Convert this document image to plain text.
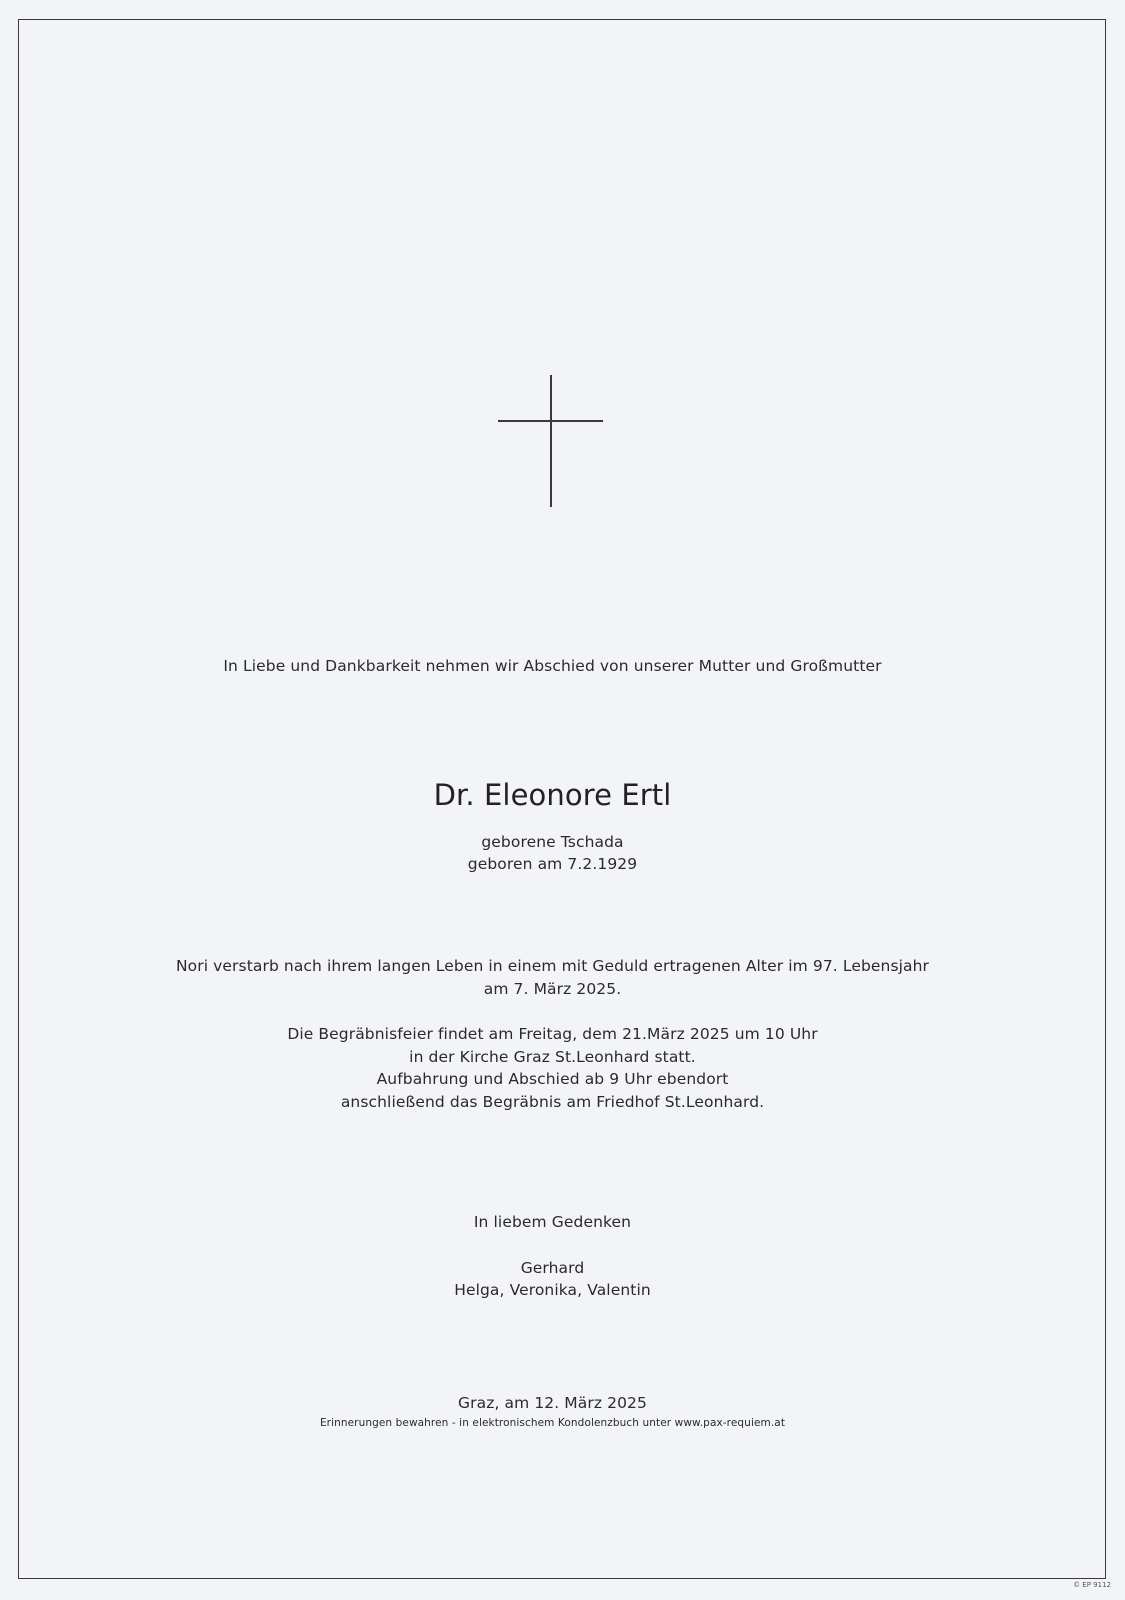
In Liebe und Dankbarkeit nehmen wir Abschied von unserer Mutter und Großmutter
Dr. Eleonore Ertl
geborene Tschada
geboren am 7.2.1929
Nori verstarb nach ihrem langen Leben in einem mit Geduld ertragenen Alter im 97. Lebensjahr
am 7. März 2025.
Die Begräbnisfeier findet am Freitag, dem 21.März 2025 um 10 Uhr
in der Kirche Graz St.Leonhard statt.
Aufbahrung und Abschied ab 9 Uhr ebendort
anschließend das Begräbnis am Friedhof St.Leonhard.
In liebem Gedenken
Gerhard
Helga, Veronika, Valentin
Graz, am 12. März 2025
Erinnerungen bewahren - in elektronischem Kondolenzbuch unter www.pax-requiem.at
© EP 9112
